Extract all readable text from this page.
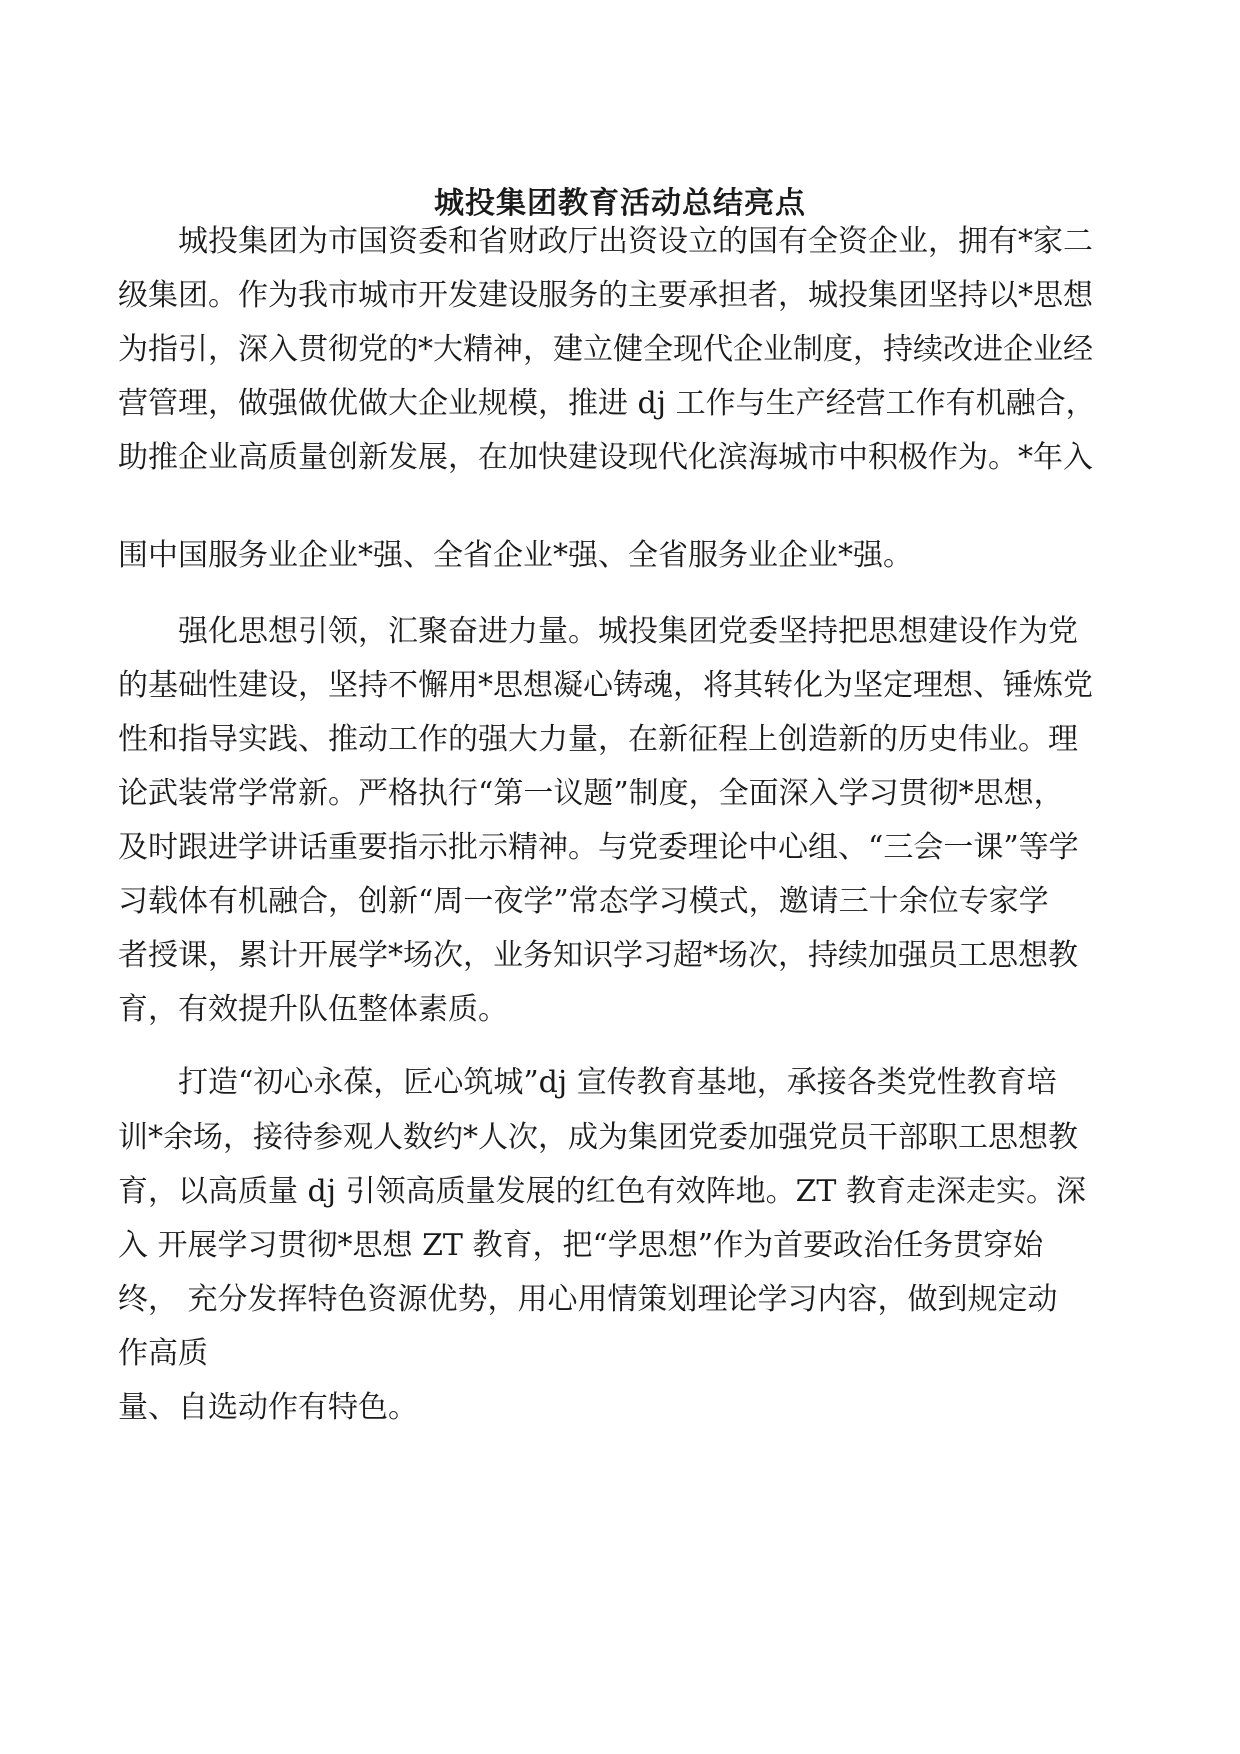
城投集团教育活动总结亮点

城投集团为市国资委和省财政厅出资设立的国有全资企业，拥有*家二

级集团。作为我市城市开发建设服务的主要承担者，城投集团坚持以*思想

为指引，深入贯彻党的*大精神，建立健全现代企业制度，持续改进企业经

营管理，做强做优做大企业规模，推进 dj 工作与生产经营工作有机融合，

助推企业高质量创新发展，在加快建设现代化滨海城市中积极作为。*年入

围中国服务业企业*强、全省企业*强、全省服务业企业*强。

强化思想引领，汇聚奋进力量。城投集团党委坚持把思想建设作为党

的基础性建设，坚持不懈用*思想凝心铸魂，将其转化为坚定理想、锤炼党

性和指导实践、推动工作的强大力量，在新征程上创造新的历史伟业。理

论武装常学常新。严格执行“第一议题”制度，全面深入学习贯彻*思想，

及时跟进学讲话重要指示批示精神。与党委理论中心组、“三会一课”等学

习载体有机融合，创新“周一夜学”常态学习模式，邀请三十余位专家学

者授课，累计开展学*场次，业务知识学习超*场次，持续加强员工思想教

育，有效提升队伍整体素质。

打造“初心永葆，匠心筑城”dj 宣传教育基地，承接各类党性教育培

训*余场，接待参观人数约*人次，成为集团党委加强党员干部职工思想教

育，以高质量 dj 引领高质量发展的红色有效阵地。ZT 教育走深走实。深

入 开展学习贯彻*思想 ZT 教育，把“学思想”作为首要政治任务贯穿始

终， 充分发挥特色资源优势，用心用情策划理论学习内容，做到规定动

作高质

量、自选动作有特色。
